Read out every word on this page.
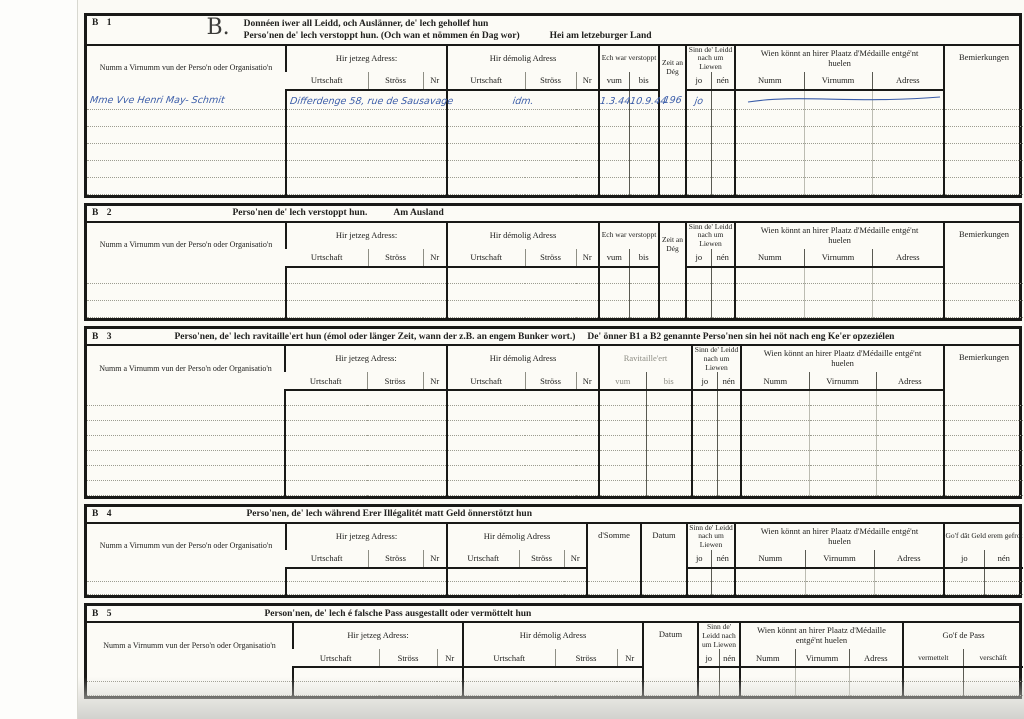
B 1	B. Donnéen iwer all Leidd, och Auslänner, de' lech gehollef hun
Perso'nen de' lech verstoppt hun. (Och wan et nömmen én Dag wor)	Hei am letzeburger Land
Numm a Virnumm vun der Perso'n oder Organisatio'n	Hir jetzeg Adress:			Hir démolig Adress			Ech war verstoppt		Zeit an Dég	Sinn de' Leidd nach um Liewen		Wien könnt an hirer Plaatz d'Médaille entgé'nt huelen			Bemierkungen
	Urtschaft	Ströss	Nr	Urtschaft	Ströss	Nr	vum	bis		jo	nén	Numm	Virnumm	Adress	
Mme Vve Henri May- Schmit	Differdenge 58, rue de Sausavage			idm.			1.3.44.	10.9.44	196	jo		

B 2	Perso'nen de' lech verstoppt hun.	Am Ausland
Numm a Virnumm vun der Perso'n oder Organisatio'n	Hir jetzeg Adress:			Hir démolig Adress			Ech war verstoppt		Zeit an Dég	Sinn de' Leidd nach um Liewen		Wien könnt an hirer Plaatz d'Médaille entgé'nt huelen			Bemierkungen
	Urtschaft	Ströss	Nr	Urtschaft	Ströss	Nr	vum	bis		jo	nén	Numm	Virnumm	Adress	

B 3	Perso'nen, de' lech ravitaille'ert hun (émol oder länger Zeit, wann der z.B. an engem Bunker wort.) De' önner B1 a B2 genannte Perso'nen sin hei nöt nach eng Ke'er opzeziélen
Numm a Virnumm vun der Perso'n oder Organisatio'n	Hir jetzeg Adress:			Hir démolig Adress			Ravitaille'ert		Sinn de' Leidd nach um Liewen		Wien könnt an hirer Plaatz d'Médaille entgé'nt huelen			Bemierkungen
	Urtschaft	Ströss	Nr	Urtschaft	Ströss	Nr	vum	bis	jo	nén	Numm	Virnumm	Adress	

B 4	Perso'nen, de' lech während Erer Illégalitét matt Geld önnerstötzt hun
Numm a Virnumm vun der Perso'n oder Organisatio'n	Hir jetzeg Adress:			Hir démolig Adress			d'Somme	Datum	Sinn de' Leidd nach um Liewen		Wien könnt an hirer Plaatz d'Médaille entgé'nt huelen			Go'f dât Geld erem gefrot	
	Urtschaft	Ströss	Nr	Urtschaft	Ströss	Nr			jo	nén	Numm	Virnumm	Adress	jo	nén

B 5	Person'nen, de' lech é falsche Pass ausgestallt oder vermöttelt hun
Numm a Virnumm vun der Perso'n oder Organisatio'n	Hir jetzeg Adress:			Hir démolig Adress			Datum	Sinn de' Leidd nach um Liewen		Wien könnt an hirer Plaatz d'Médaille entgé'nt huelen			Go'f de Pass	
	Urtschaft	Ströss	Nr	Urtschaft	Ströss	Nr		jo	nén	Numm	Virnumm	Adress	vermettelt	verschäft
